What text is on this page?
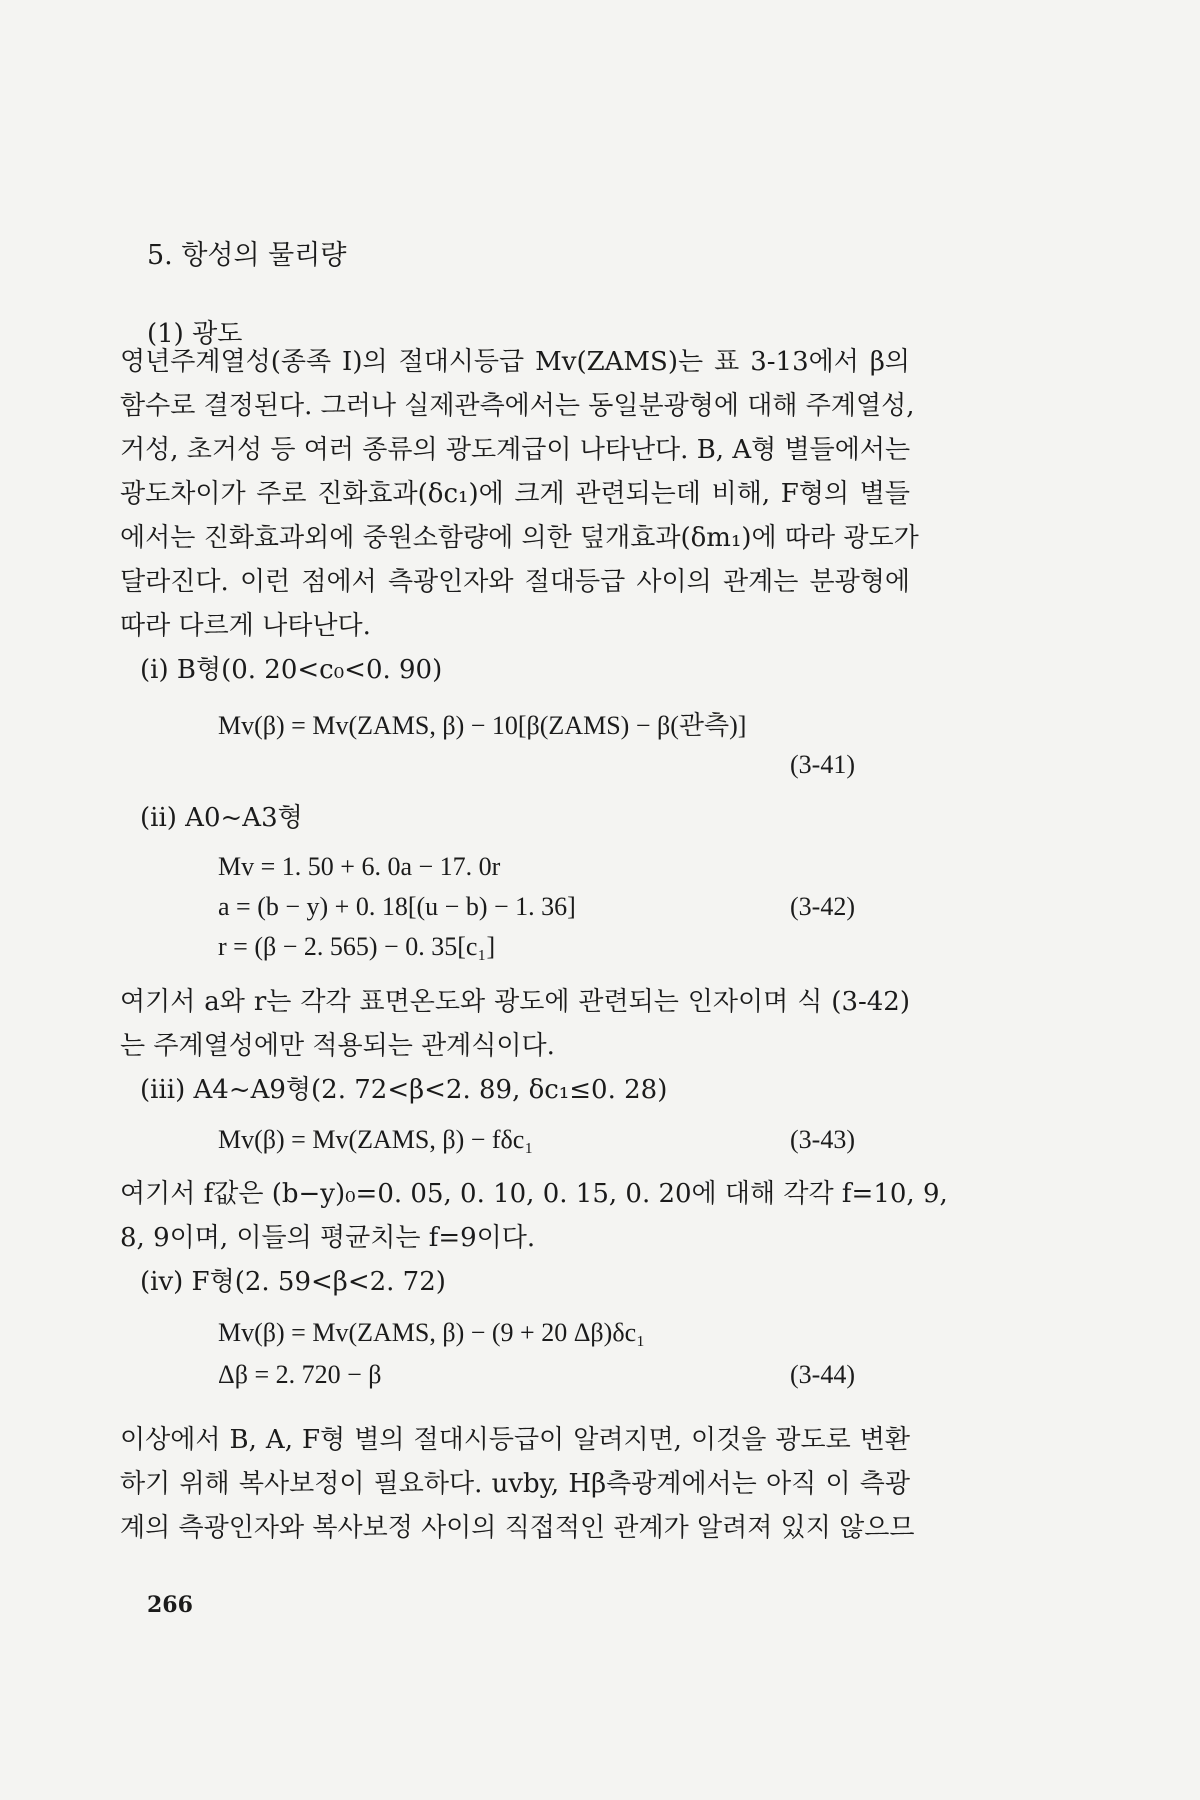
5. 항성의 물리량
(1) 광도
영년주계열성(종족 I)의 절대시등급 Mv(ZAMS)는 표 3-13에서 β의
함수로 결정된다. 그러나 실제관측에서는 동일분광형에 대해 주계열성,
거성, 초거성 등 여러 종류의 광도계급이 나타난다. B, A형 별들에서는
광도차이가 주로 진화효과(δc₁)에 크게 관련되는데 비해, F형의 별들
에서는 진화효과외에 중원소함량에 의한 덮개효과(δm₁)에 따라 광도가
달라진다. 이런 점에서 측광인자와 절대등급 사이의 관계는 분광형에
따라 다르게 나타난다.
(i) B형(0. 20<c₀<0. 90)
Mv(β) = Mv(ZAMS, β) − 10[β(ZAMS) − β(관측)]
(3-41)
(ii) A0~A3형
Mv = 1. 50 + 6. 0a − 17. 0r
a = (b − y) + 0. 18[(u − b) − 1. 36]
r = (β − 2. 565) − 0. 35[c₁]
(3-42)
여기서 a와 r는 각각 표면온도와 광도에 관련되는 인자이며 식 (3-42)
는 주계열성에만 적용되는 관계식이다.
(iii) A4~A9형(2. 72<β<2. 89, δc₁≤0. 28)
Mv(β) = Mv(ZAMS, β) − fδc₁	(3-43)
여기서 f값은 (b−y)₀=0. 05, 0. 10, 0. 15, 0. 20에 대해 각각 f=10, 9,
8, 9이며, 이들의 평균치는 f=9이다.
(iv) F형(2. 59<β<2. 72)
Mv(β) = Mv(ZAMS, β) − (9 + 20 Δβ)δc₁
Δβ = 2. 720 − β	(3-44)
이상에서 B, A, F형 별의 절대시등급이 알려지면, 이것을 광도로 변환
하기 위해 복사보정이 필요하다. uvby, Hβ측광계에서는 아직 이 측광
계의 측광인자와 복사보정 사이의 직접적인 관계가 알려져 있지 않으므
266
